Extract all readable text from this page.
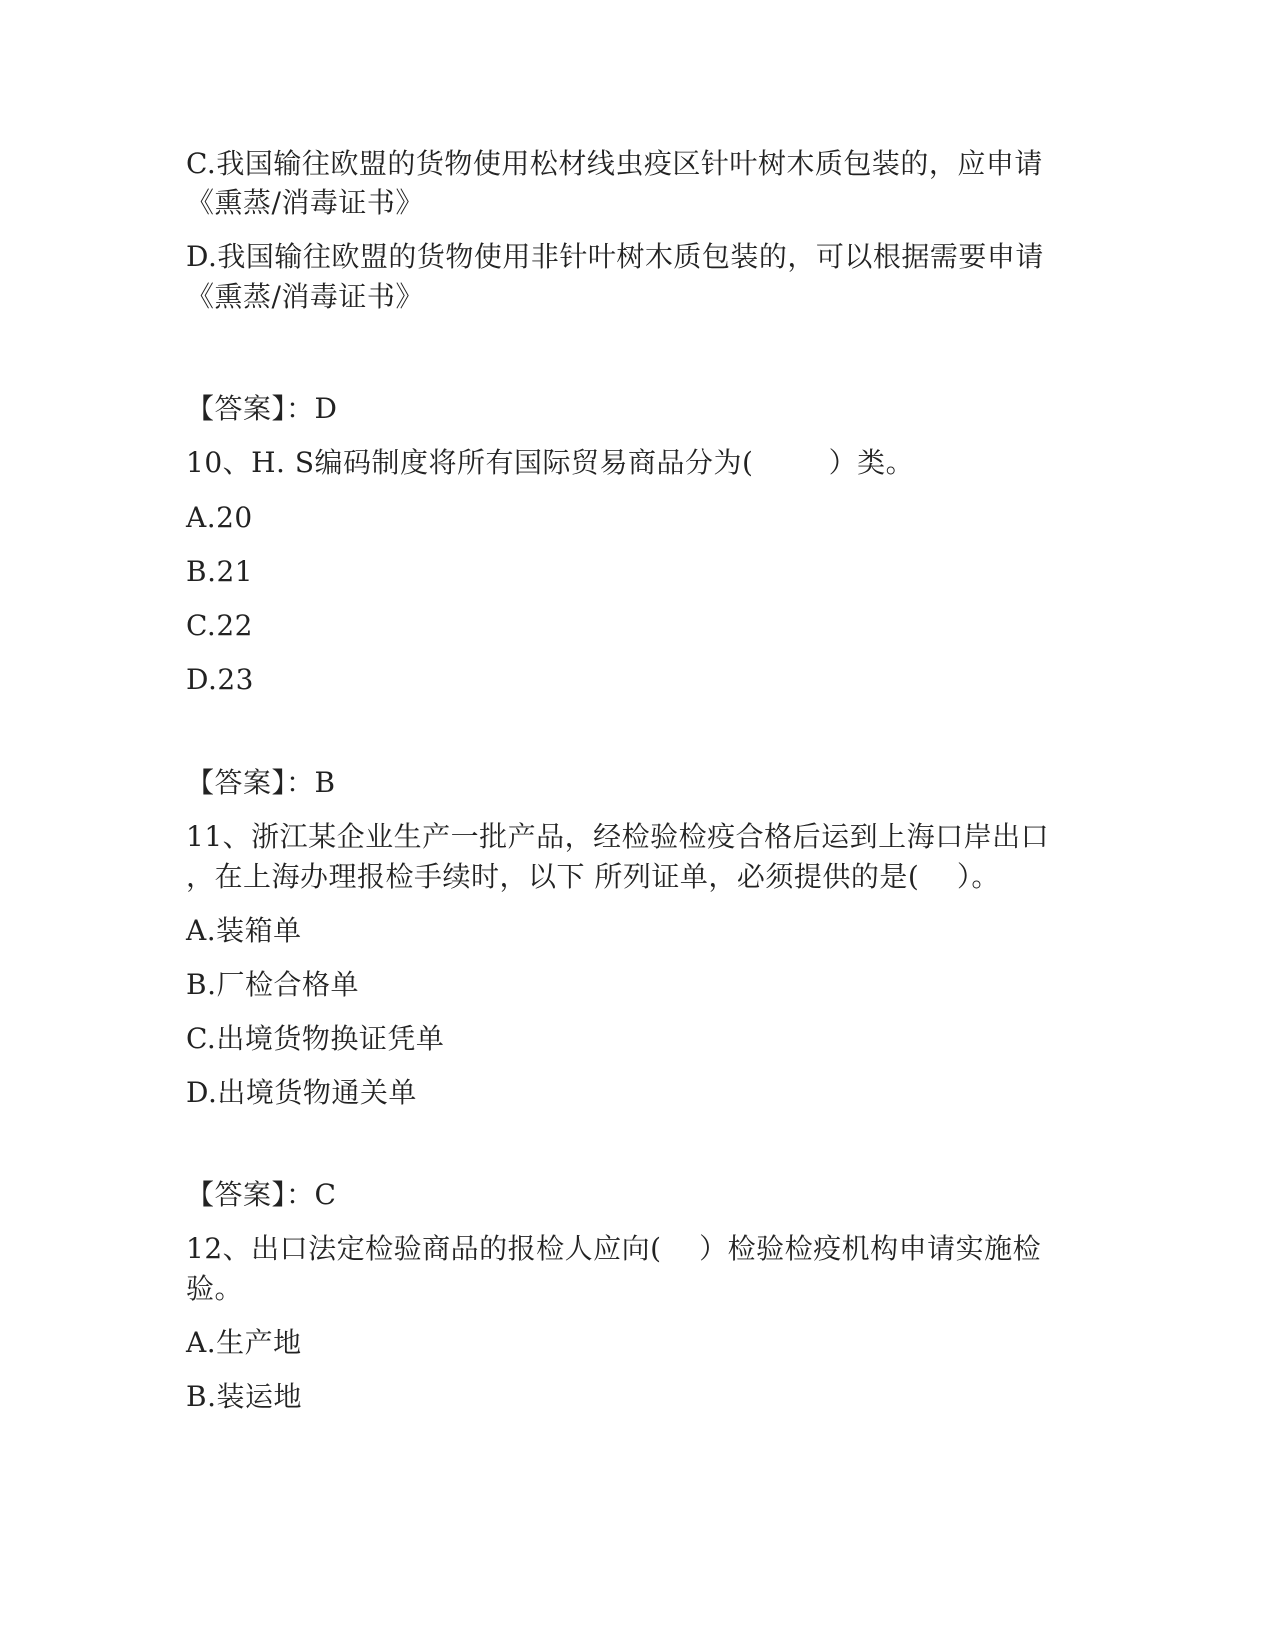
C.我国输往欧盟的货物使用松材线虫疫区针叶树木质包装的，应申请
《熏蒸/消毒证书》
D.我国输往欧盟的货物使用非针叶树木质包装的，可以根据需要申请
《熏蒸/消毒证书》
【答案】：D
10、H. S编码制度将所有国际贸易商品分为(        ）类。
A.20
B.21
C.22
D.23
【答案】：B
11、浙江某企业生产一批产品，经检验检疫合格后运到上海口岸出口
，在上海办理报检手续时，以下 所列证单，必须提供的是(    ）。
A.装箱单
B.厂检合格单
C.出境货物换证凭单
D.出境货物通关单
【答案】：C
12、出口法定检验商品的报检人应向(    ）检验检疫机构申请实施检
验。
A.生产地
B.装运地
